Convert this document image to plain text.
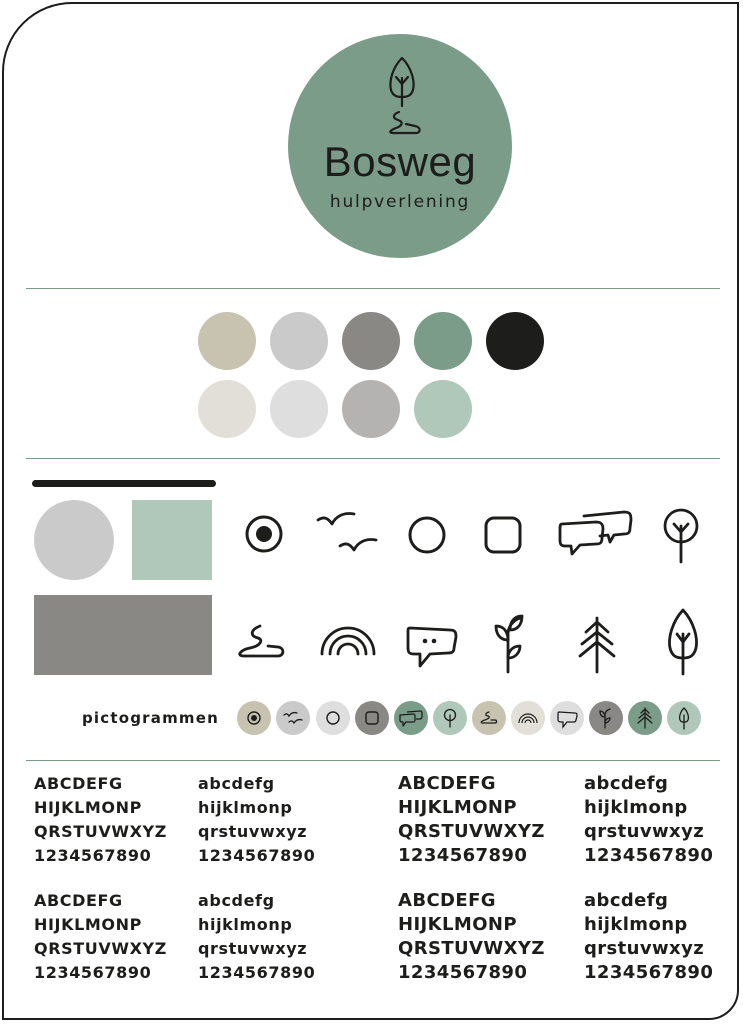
Bosweg
hulpverlening
pictogrammen
ABCDEFG
HIJKLMONP
QRSTUVWXYZ
1234567890
abcdefg
hijklmonp
qrstuvwxyz
1234567890
ABCDEFG
HIJKLMONP
QRSTUVWXYZ
1234567890
abcdefg
hijklmonp
qrstuvwxyz
1234567890
ABCDEFG
HIJKLMONP
QRSTUVWXYZ
1234567890
abcdefg
hijklmonp
qrstuvwxyz
1234567890
ABCDEFG
HIJKLMONP
QRSTUVWXYZ
1234567890
abcdefg
hijklmonp
qrstuvwxyz
1234567890
